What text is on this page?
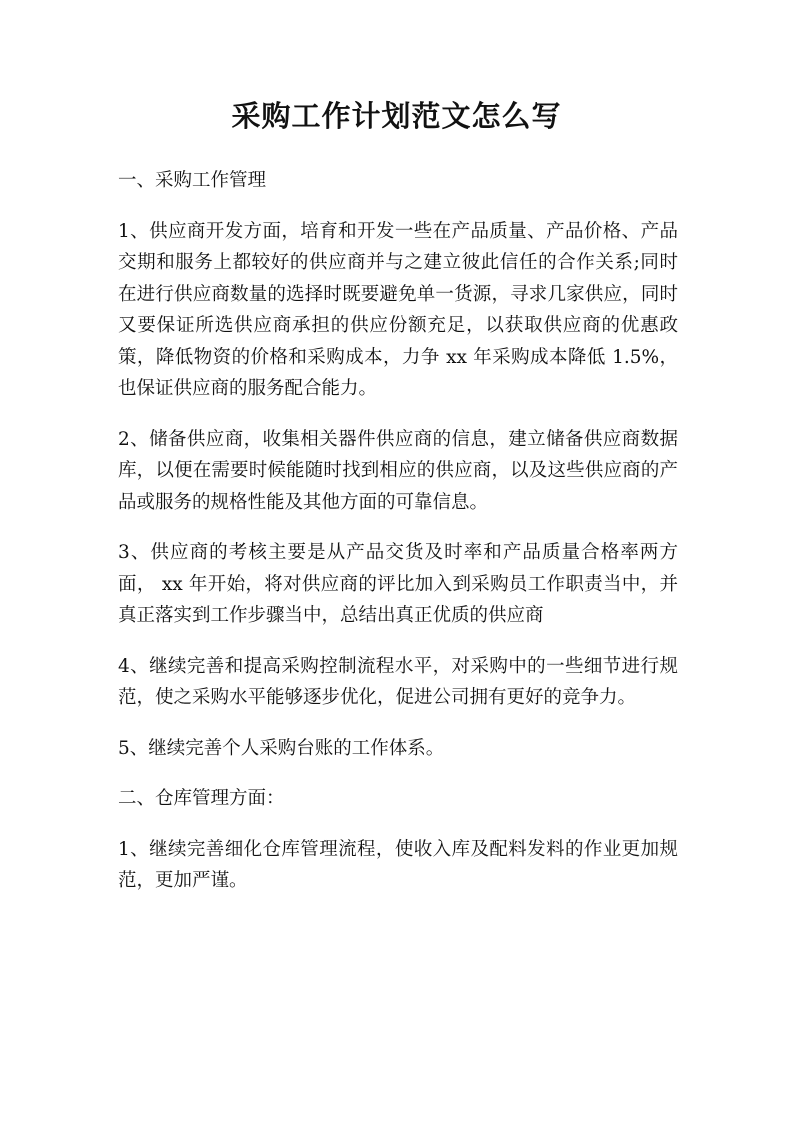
采购工作计划范文怎么写

一、采购工作管理

1、供应商开发方面，培育和开发一些在产品质量、产品价格、产品交期和服务上都较好的供应商并与之建立彼此信任的合作关系;同时在进行供应商数量的选择时既要避免单一货源，寻求几家供应，同时又要保证所选供应商承担的供应份额充足，以获取供应商的优惠政策，降低物资的价格和采购成本，力争 xx 年采购成本降低 1.5%，也保证供应商的服务配合能力。

2、储备供应商，收集相关器件供应商的信息，建立储备供应商数据库，以便在需要时候能随时找到相应的供应商，以及这些供应商的产品或服务的规格性能及其他方面的可靠信息。

3、供应商的考核主要是从产品交货及时率和产品质量合格率两方面， xx 年开始，将对供应商的评比加入到采购员工作职责当中，并真正落实到工作步骤当中，总结出真正优质的供应商

4、继续完善和提高采购控制流程水平，对采购中的一些细节进行规范，使之采购水平能够逐步优化，促进公司拥有更好的竞争力。

5、继续完善个人采购台账的工作体系。

二、仓库管理方面：

1、继续完善细化仓库管理流程，使收入库及配料发料的作业更加规范，更加严谨。
